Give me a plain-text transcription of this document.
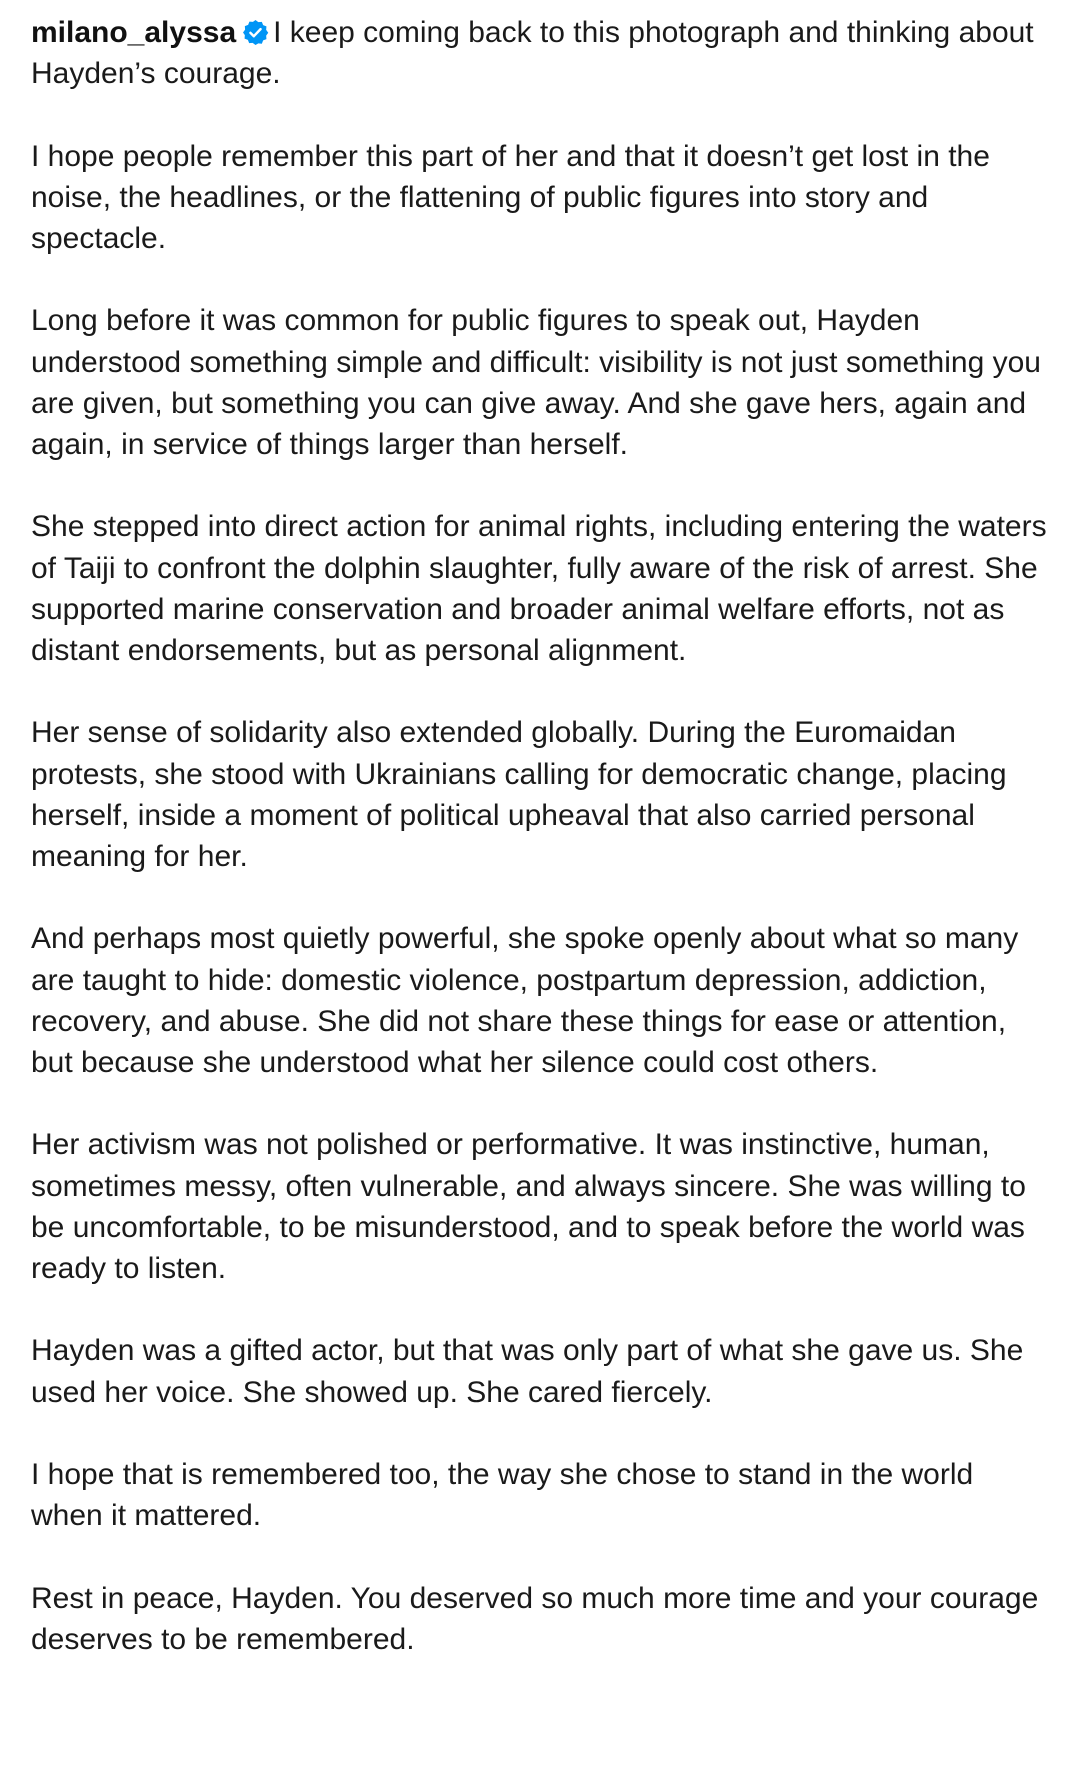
milano_alyssa I keep coming back to this photograph and thinking about Hayden’s courage.

I hope people remember this part of her and that it doesn’t get lost in the noise, the headlines, or the flattening of public figures into story and spectacle.

Long before it was common for public figures to speak out, Hayden understood something simple and difficult: visibility is not just something you are given, but something you can give away. And she gave hers, again and again, in service of things larger than herself.

She stepped into direct action for animal rights, including entering the waters of Taiji to confront the dolphin slaughter, fully aware of the risk of arrest. She supported marine conservation and broader animal welfare efforts, not as distant endorsements, but as personal alignment.

Her sense of solidarity also extended globally. During the Euromaidan protests, she stood with Ukrainians calling for democratic change, placing herself, inside a moment of political upheaval that also carried personal meaning for her.

And perhaps most quietly powerful, she spoke openly about what so many are taught to hide: domestic violence, postpartum depression, addiction, recovery, and abuse. She did not share these things for ease or attention, but because she understood what her silence could cost others.

Her activism was not polished or performative. It was instinctive, human, sometimes messy, often vulnerable, and always sincere. She was willing to be uncomfortable, to be misunderstood, and to speak before the world was ready to listen.

Hayden was a gifted actor, but that was only part of what she gave us. She used her voice. She showed up. She cared fiercely.

I hope that is remembered too, the way she chose to stand in the world when it mattered.

Rest in peace, Hayden. You deserved so much more time and your courage deserves to be remembered.
